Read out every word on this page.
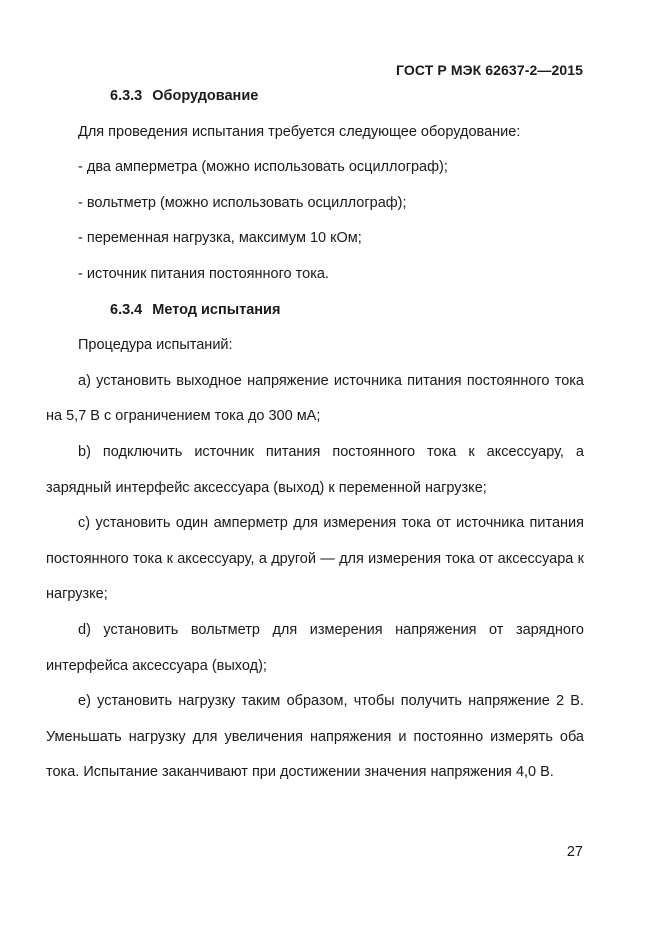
ГОСТ Р МЭК 62637-2—2015

6.3.3 Оборудование

Для проведения испытания требуется следующее оборудование:

- два амперметра (можно использовать осциллограф);

- вольтметр (можно использовать осциллограф);

- переменная нагрузка, максимум 10 кОм;

- источник питания постоянного тока.

6.3.4 Метод испытания

Процедура испытаний:

а) установить выходное напряжение источника питания постоянного тока на 5,7 В с ограничением тока до 300 мА;

b) подключить источник питания постоянного тока к аксессуару, а зарядный интерфейс аксессуара (выход) к переменной нагрузке;

c) установить один амперметр для измерения тока от источника питания постоянного тока к аксессуару, а другой — для измерения тока от аксессуара к нагрузке;

d) установить вольтметр для измерения напряжения от зарядного интерфейса аксессуара (выход);

e) установить нагрузку таким образом, чтобы получить напряжение 2 В. Уменьшать нагрузку для увеличения напряжения и постоянно измерять оба тока. Испытание заканчивают при достижении значения напряжения 4,0 В.

27
